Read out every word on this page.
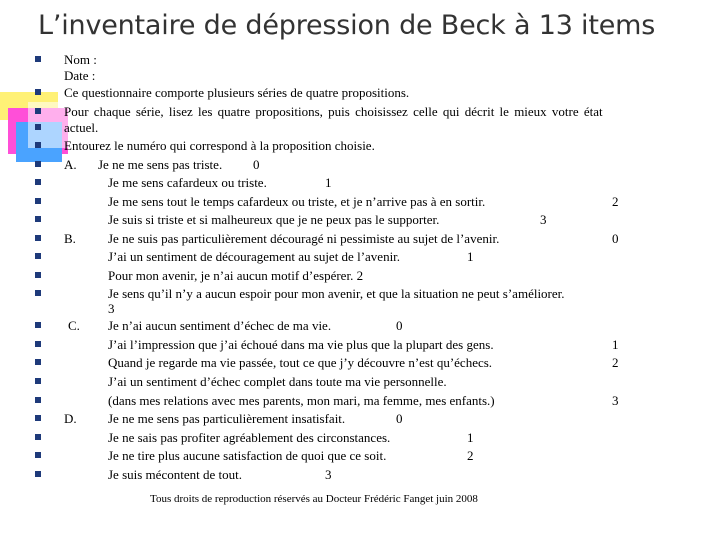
L’inventaire de dépression de Beck à 13 items
Nom :
Date :
Ce questionnaire comporte plusieurs séries de quatre propositions.
Pour chaque série, lisez les quatre propositions, puis choisissez celle qui décrit le mieux votre état
actuel.
Entourez le numéro qui correspond à la proposition choisie.
A. Je ne me sens pas triste. 0
Je me sens cafardeux ou triste.	1
Je me sens tout le temps cafardeux ou triste, et je n’arrive pas à en sortir.	2
Je suis si triste et si malheureux que je ne peux pas le supporter.	3
B. Je ne suis pas particulièrement découragé ni pessimiste au sujet de l’avenir.	0
J’ai un sentiment de découragement au sujet de l’avenir.	1
Pour mon avenir, je n’ai aucun motif d’espérer. 2
Je sens qu’il n’y a aucun espoir pour mon avenir, et que la situation ne peut s’améliorer.
3
C. Je n’ai aucun sentiment d’échec de ma vie.	0
J’ai l’impression que j’ai échoué dans ma vie plus que la plupart des gens.	1
Quand je regarde ma vie passée, tout ce que j’y découvre n’est qu’échecs.	2
J’ai un sentiment d’échec complet dans toute ma vie personnelle.
(dans mes relations avec mes parents, mon mari, ma femme, mes enfants.)	3
D. Je ne me sens pas particulièrement insatisfait.	0
Je ne sais pas profiter agréablement des circonstances.	1
Je ne tire plus aucune satisfaction de quoi que ce soit.	2
Je suis mécontent de tout.	3
Tous droits de reproduction réservés au Docteur Frédéric Fanget juin 2008
